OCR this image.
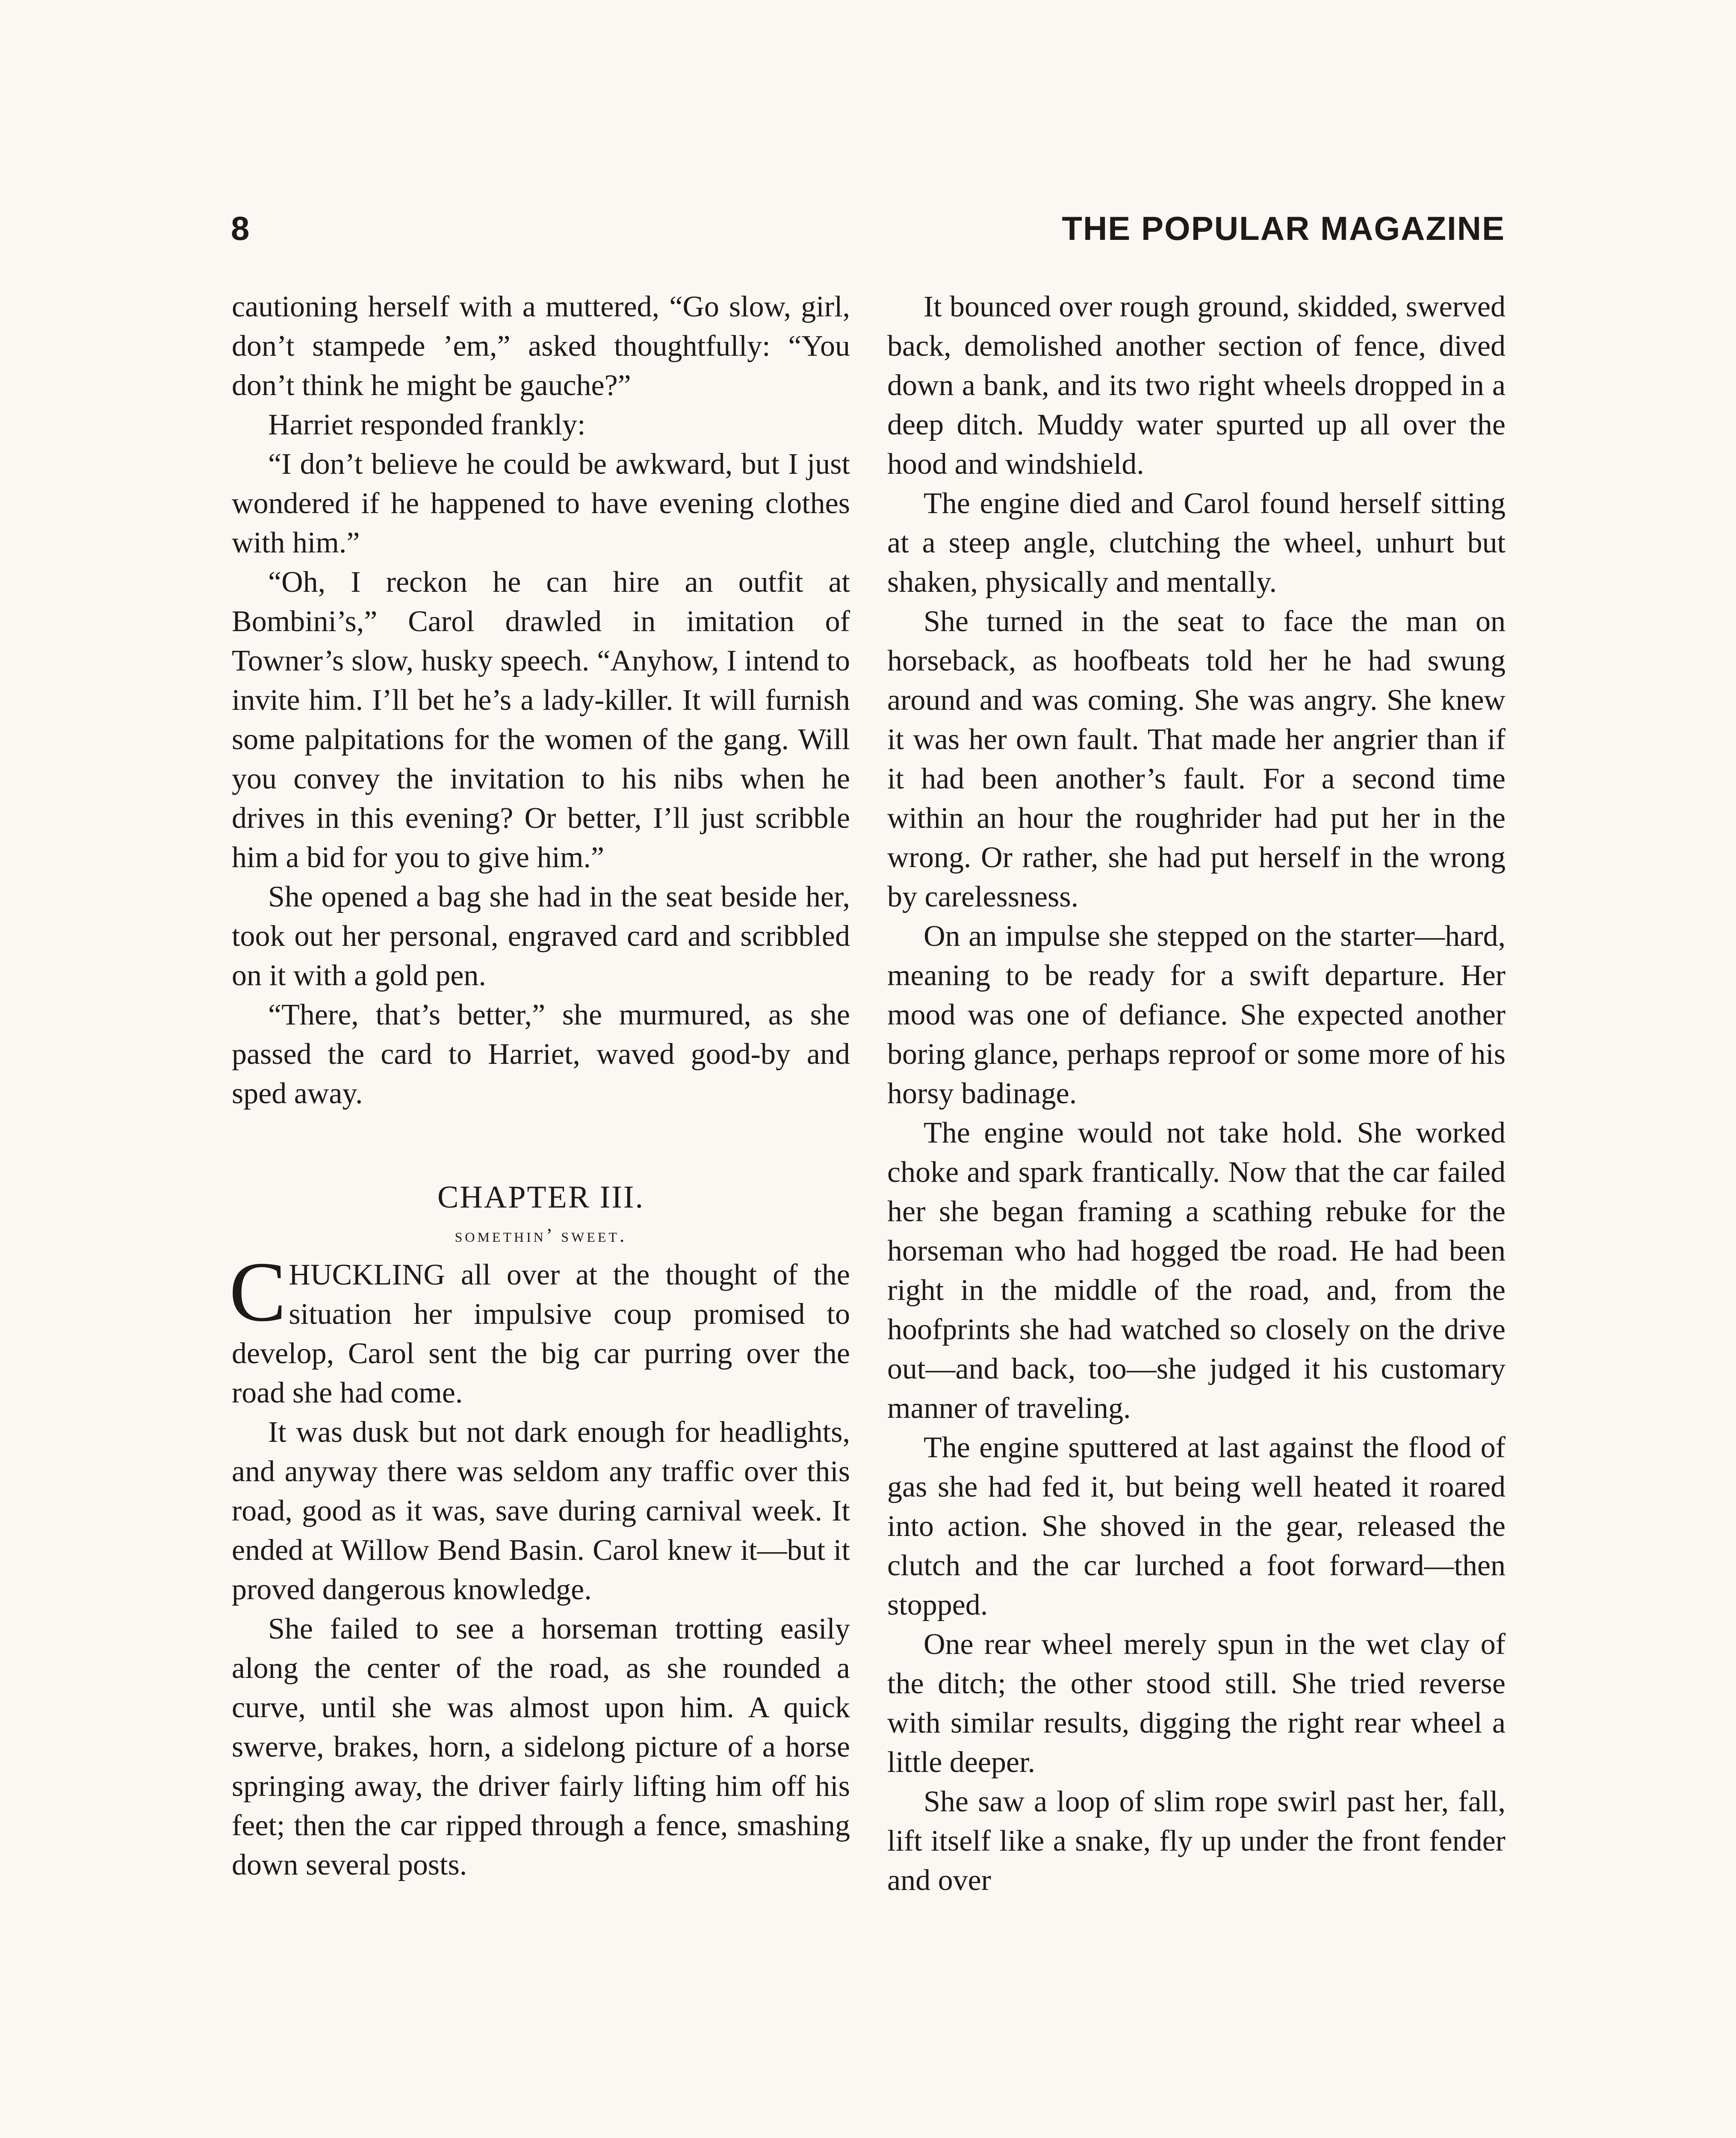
8	THE POPULAR MAGAZINE

cautioning herself with a muttered, “Go slow, girl, don’t stampede ’em,” asked thoughtfully: “You don’t think he might be gauche?”

Harriet responded frankly:

“I don’t believe he could be awkward, but I just wondered if he happened to have evening clothes with him.”

“Oh, I reckon he can hire an outfit at Bombini’s,” Carol drawled in imitation of Towner’s slow, husky speech. “Anyhow, I intend to invite him. I’ll bet he’s a lady-killer. It will furnish some palpitations for the women of the gang. Will you convey the invitation to his nibs when he drives in this evening? Or better, I’ll just scribble him a bid for you to give him.”

She opened a bag she had in the seat beside her, took out her personal, engraved card and scribbled on it with a gold pen.

“There, that’s better,” she murmured, as she passed the card to Harriet, waved good-by and sped away.

CHAPTER III.
somethin’ sweet.

CHUCKLING all over at the thought of the situation her impulsive coup promised to develop, Carol sent the big car purring over the road she had come.

It was dusk but not dark enough for headlights, and anyway there was seldom any traffic over this road, good as it was, save during carnival week. It ended at Willow Bend Basin. Carol knew it—but it proved dangerous knowledge.

She failed to see a horseman trotting easily along the center of the road, as she rounded a curve, until she was almost upon him. A quick swerve, brakes, horn, a sidelong picture of a horse springing away, the driver fairly lifting him off his feet; then the car ripped through a fence, smashing down several posts.

It bounced over rough ground, skidded, swerved back, demolished another section of fence, dived down a bank, and its two right wheels dropped in a deep ditch. Muddy water spurted up all over the hood and windshield.

The engine died and Carol found herself sitting at a steep angle, clutching the wheel, unhurt but shaken, physically and mentally.

She turned in the seat to face the man on horseback, as hoofbeats told her he had swung around and was coming. She was angry. She knew it was her own fault. That made her angrier than if it had been another’s fault. For a second time within an hour the roughrider had put her in the wrong. Or rather, she had put herself in the wrong by carelessness.

On an impulse she stepped on the starter—hard, meaning to be ready for a swift departure. Her mood was one of defiance. She expected another boring glance, perhaps reproof or some more of his horsy badinage.

The engine would not take hold. She worked choke and spark frantically. Now that the car failed her she began framing a scathing rebuke for the horseman who had hogged tbe road. He had been right in the middle of the road, and, from the hoofprints she had watched so closely on the drive out—and back, too—she judged it his customary manner of traveling.

The engine sputtered at last against the flood of gas she had fed it, but being well heated it roared into action. She shoved in the gear, released the clutch and the car lurched a foot forward—then stopped.

One rear wheel merely spun in the wet clay of the ditch; the other stood still. She tried reverse with similar results, digging the right rear wheel a little deeper.

She saw a loop of slim rope swirl past her, fall, lift itself like a snake, fly up under the front fender and over
